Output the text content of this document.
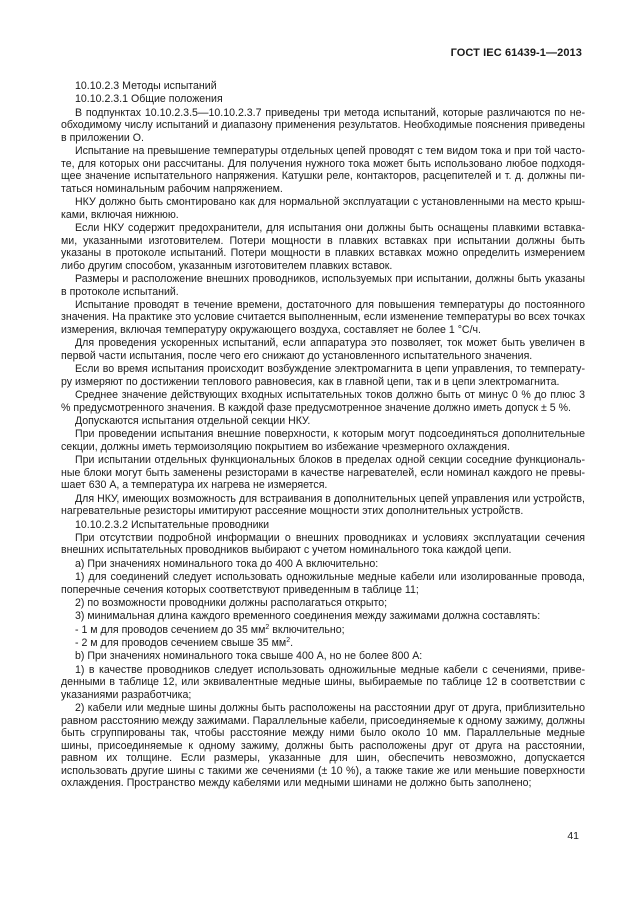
ГОСТ IEC 61439-1—2013

10.10.2.3 Методы испытаний

10.10.2.3.1 Общие положения

В подпунктах 10.10.2.3.5—10.10.2.3.7 приведены три метода испытаний, которые различаются по необходимому числу испытаний и диапазону применения результатов. Необходимые пояснения приведены в приложении О.

Испытание на превышение температуры отдельных цепей проводят с тем видом тока и при той частоте, для которых они рассчитаны. Для получения нужного тока может быть использовано любое подходящее значение испытательного напряжения. Катушки реле, контакторов, расцепителей и т. д. должны питаться номинальным рабочим напряжением.

НКУ должно быть смонтировано как для нормальной эксплуатации с установленными на место крышками, включая нижнюю.

Если НКУ содержит предохранители, для испытания они должны быть оснащены плавкими вставками, указанными изготовителем. Потери мощности в плавких вставках при испытании должны быть указаны в протоколе испытаний. Потери мощности в плавких вставках можно определить измерением либо другим способом, указанным изготовителем плавких вставок.

Размеры и расположение внешних проводников, используемых при испытании, должны быть указаны в протоколе испытаний.

Испытание проводят в течение времени, достаточного для повышения температуры до постоянного значения. На практике это условие считается выполненным, если изменение температуры во всех точках измерения, включая температуру окружающего воздуха, составляет не более 1 °С/ч.

Для проведения ускоренных испытаний, если аппаратура это позволяет, ток может быть увеличен в первой части испытания, после чего его снижают до установленного испытательного значения.

Если во время испытания происходит возбуждение электромагнита в цепи управления, то температуру измеряют по достижении теплового равновесия, как в главной цепи, так и в цепи электромагнита.

Среднее значение действующих входных испытательных токов должно быть от минус 0 % до плюс 3 % предусмотренного значения. В каждой фазе предусмотренное значение должно иметь допуск ± 5 %.

Допускаются испытания отдельной секции НКУ.

При проведении испытания внешние поверхности, к которым могут подсоединяться дополнительные секции, должны иметь термоизоляцию покрытием во избежание чрезмерного охлаждения.

При испытании отдельных функциональных блоков в пределах одной секции соседние функциональные блоки могут быть заменены резисторами в качестве нагревателей, если номинал каждого не превышает 630 А, а температура их нагрева не измеряется.

Для НКУ, имеющих возможность для встраивания в дополнительных цепей управления или устройств, нагревательные резисторы имитируют рассеяние мощности этих дополнительных устройств.

10.10.2.3.2 Испытательные проводники

При отсутствии подробной информации о внешних проводниках и условиях эксплуатации сечения внешних испытательных проводников выбирают с учетом номинального тока каждой цепи.

а) При значениях номинального тока до 400 А включительно:

1) для соединений следует использовать одножильные медные кабели или изолированные провода, поперечные сечения которых соответствуют приведенным в таблице 11;

2) по возможности проводники должны располагаться открыто;

3) минимальная длина каждого временного соединения между зажимами должна составлять:

- 1 м для проводов сечением до 35 $мм^2$ включительно;

- 2 м для проводов сечением свыше 35 $мм^2$.

b) При значениях номинального тока свыше 400 А, но не более 800 А:

1) в качестве проводников следует использовать одножильные медные кабели с сечениями, приведенными в таблице 12, или эквивалентные медные шины, выбираемые по таблице 12 в соответствии с указаниями разработчика;

2) кабели или медные шины должны быть расположены на расстоянии друг от друга, приблизительно равном расстоянию между зажимами. Параллельные кабели, присоединяемые к одному зажиму, должны быть сгруппированы так, чтобы расстояние между ними было около 10 мм. Параллельные медные шины, присоединяемые к одному зажиму, должны быть расположены друг от друга на расстоянии, равном их толщине. Если размеры, указанные для шин, обеспечить невозможно, допускается использовать другие шины с такими же сечениями (± 10 %), а также такие же или меньшие поверхности охлаждения. Пространство между кабелями или медными шинами не должно быть заполнено;

41
